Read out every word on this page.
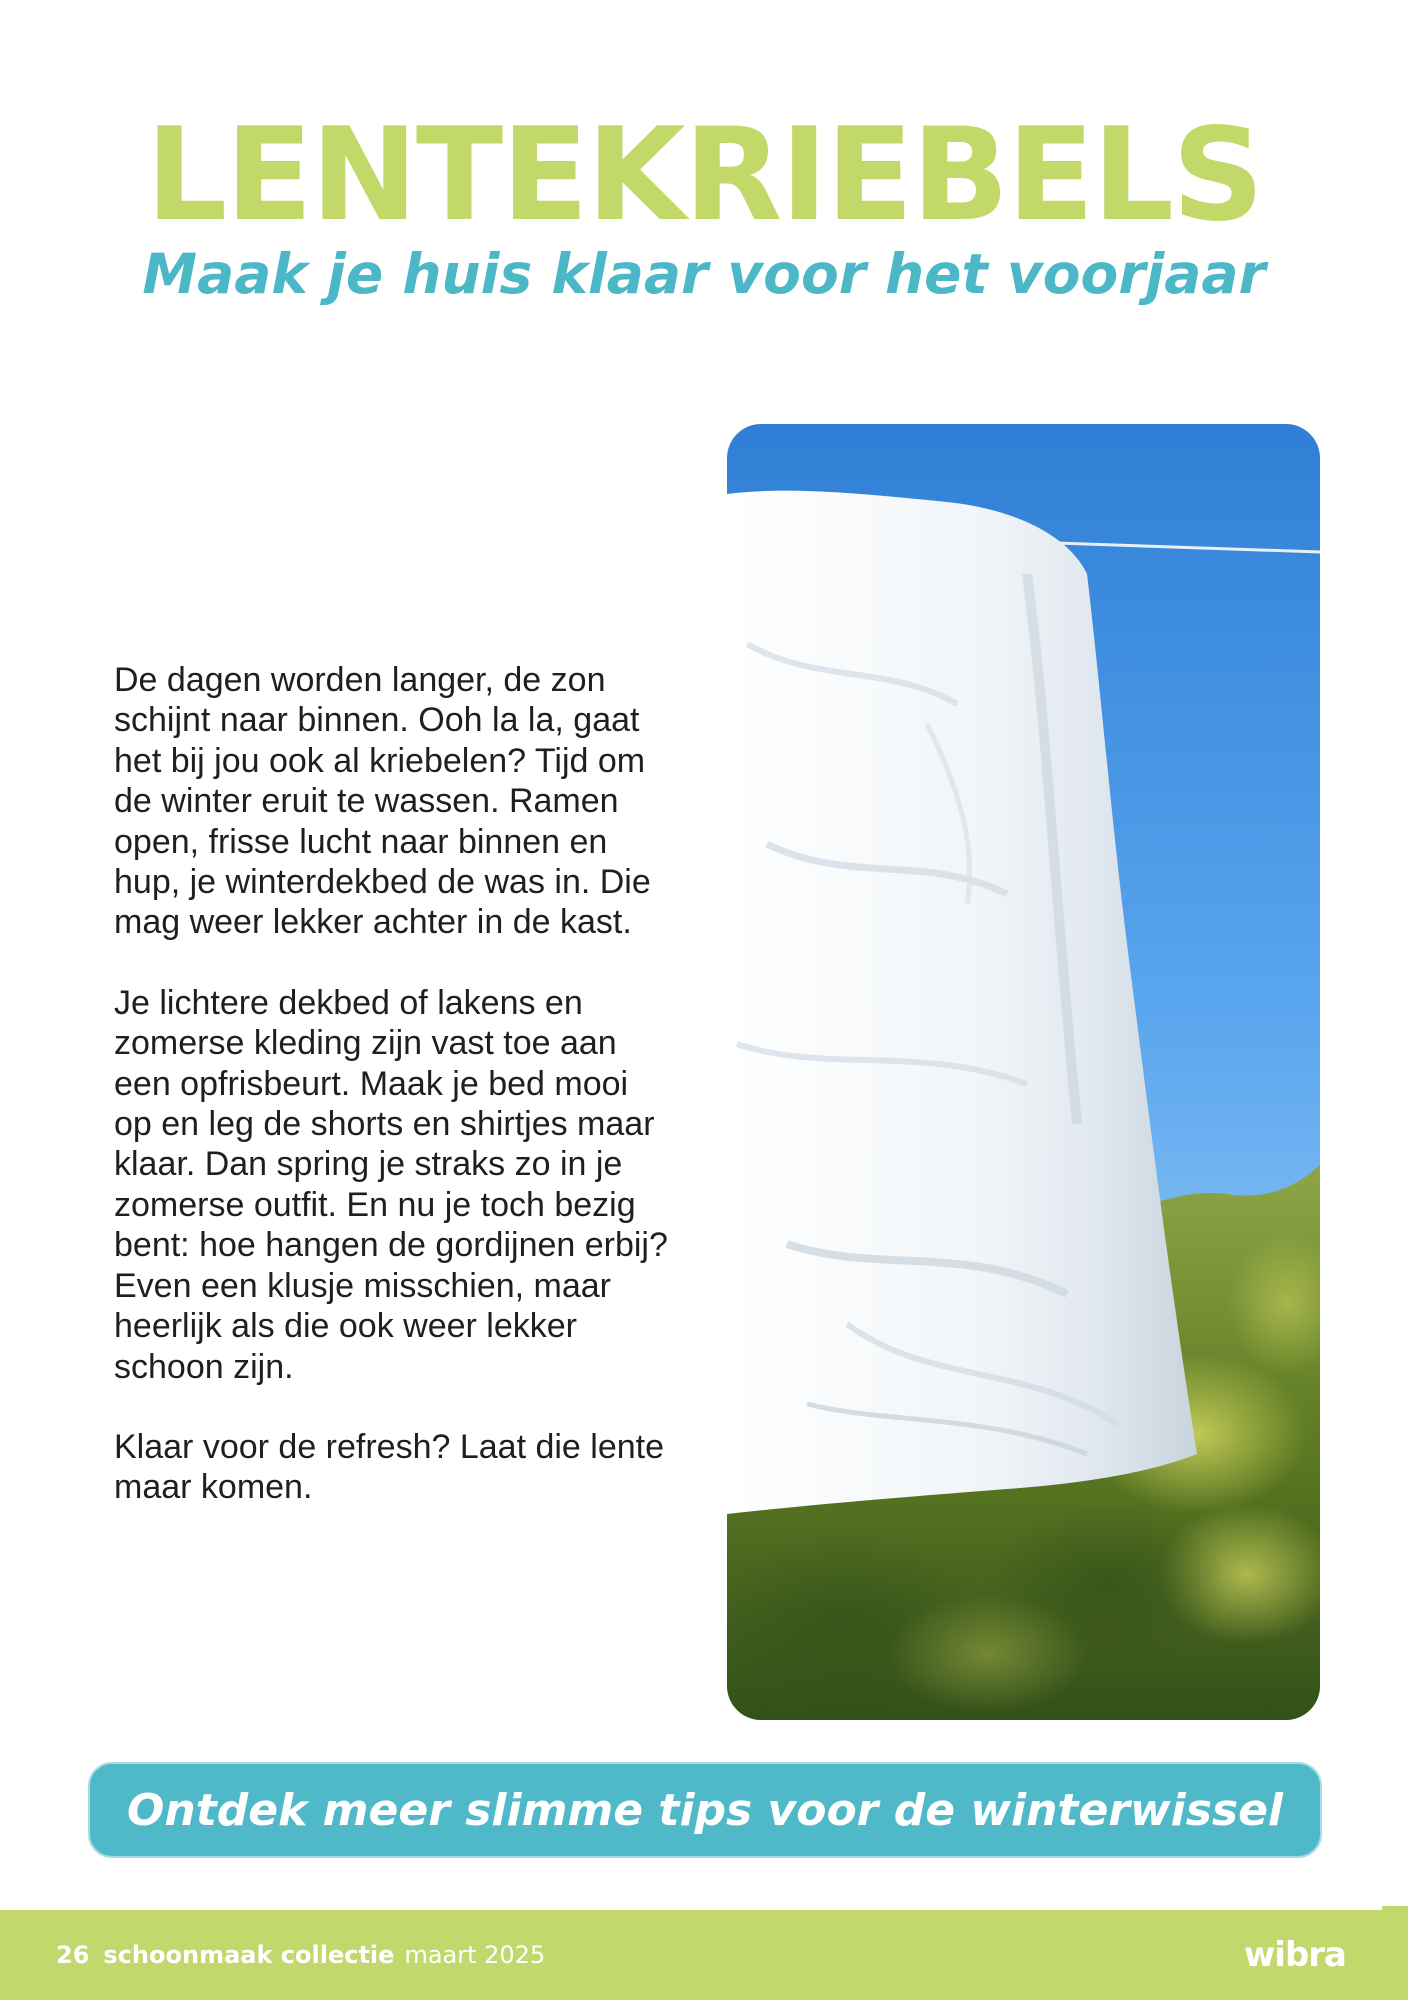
LENTEKRIEBELS
Maak je huis klaar voor het voorjaar

De dagen worden langer, de zon schijnt naar binnen. Ooh la la, gaat het bij jou ook al kriebelen? Tijd om de winter eruit te wassen. Ramen open, frisse lucht naar binnen en hup, je winterdekbed de was in. Die mag weer lekker achter in de kast.

Je lichtere dekbed of lakens en zomerse kleding zijn vast toe aan een opfrisbeurt. Maak je bed mooi op en leg de shorts en shirtjes maar klaar. Dan spring je straks zo in je zomerse outfit. En nu je toch bezig bent: hoe hangen de gordijnen erbij? Even een klusje misschien, maar heerlijk als die ook weer lekker schoon zijn.

Klaar voor de refresh? Laat die lente maar komen.

Ontdek meer slimme tips voor de winterwissel
26 schoonmaak collectie maart 2025	wibra
